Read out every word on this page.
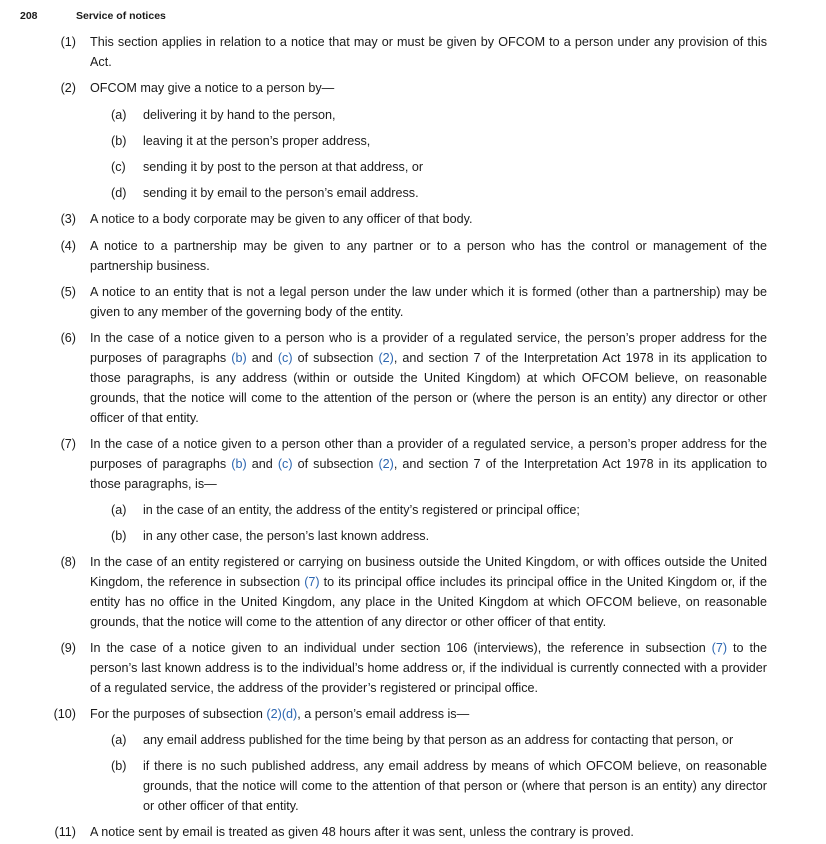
208	Service of notices
(1) This section applies in relation to a notice that may or must be given by OFCOM to a person under any provision of this Act.
(2) OFCOM may give a notice to a person by—
(a) delivering it by hand to the person,
(b) leaving it at the person’s proper address,
(c) sending it by post to the person at that address, or
(d) sending it by email to the person’s email address.
(3) A notice to a body corporate may be given to any officer of that body.
(4) A notice to a partnership may be given to any partner or to a person who has the control or management of the partnership business.
(5) A notice to an entity that is not a legal person under the law under which it is formed (other than a partnership) may be given to any member of the governing body of the entity.
(6) In the case of a notice given to a person who is a provider of a regulated service, the person’s proper address for the purposes of paragraphs (b) and (c) of subsection (2), and section 7 of the Interpretation Act 1978 in its application to those paragraphs, is any address (within or outside the United Kingdom) at which OFCOM believe, on reasonable grounds, that the notice will come to the attention of the person or (where the person is an entity) any director or other officer of that entity.
(7) In the case of a notice given to a person other than a provider of a regulated service, a person’s proper address for the purposes of paragraphs (b) and (c) of subsection (2), and section 7 of the Interpretation Act 1978 in its application to those paragraphs, is—
(a) in the case of an entity, the address of the entity’s registered or principal office;
(b) in any other case, the person’s last known address.
(8) In the case of an entity registered or carrying on business outside the United Kingdom, or with offices outside the United Kingdom, the reference in subsection (7) to its principal office includes its principal office in the United Kingdom or, if the entity has no office in the United Kingdom, any place in the United Kingdom at which OFCOM believe, on reasonable grounds, that the notice will come to the attention of any director or other officer of that entity.
(9) In the case of a notice given to an individual under section 106 (interviews), the reference in subsection (7) to the person’s last known address is to the individual’s home address or, if the individual is currently connected with a provider of a regulated service, the address of the provider’s registered or principal office.
(10) For the purposes of subsection (2)(d), a person’s email address is—
(a) any email address published for the time being by that person as an address for contacting that person, or
(b) if there is no such published address, any email address by means of which OFCOM believe, on reasonable grounds, that the notice will come to the attention of that person or (where that person is an entity) any director or other officer of that entity.
(11) A notice sent by email is treated as given 48 hours after it was sent, unless the contrary is proved.
